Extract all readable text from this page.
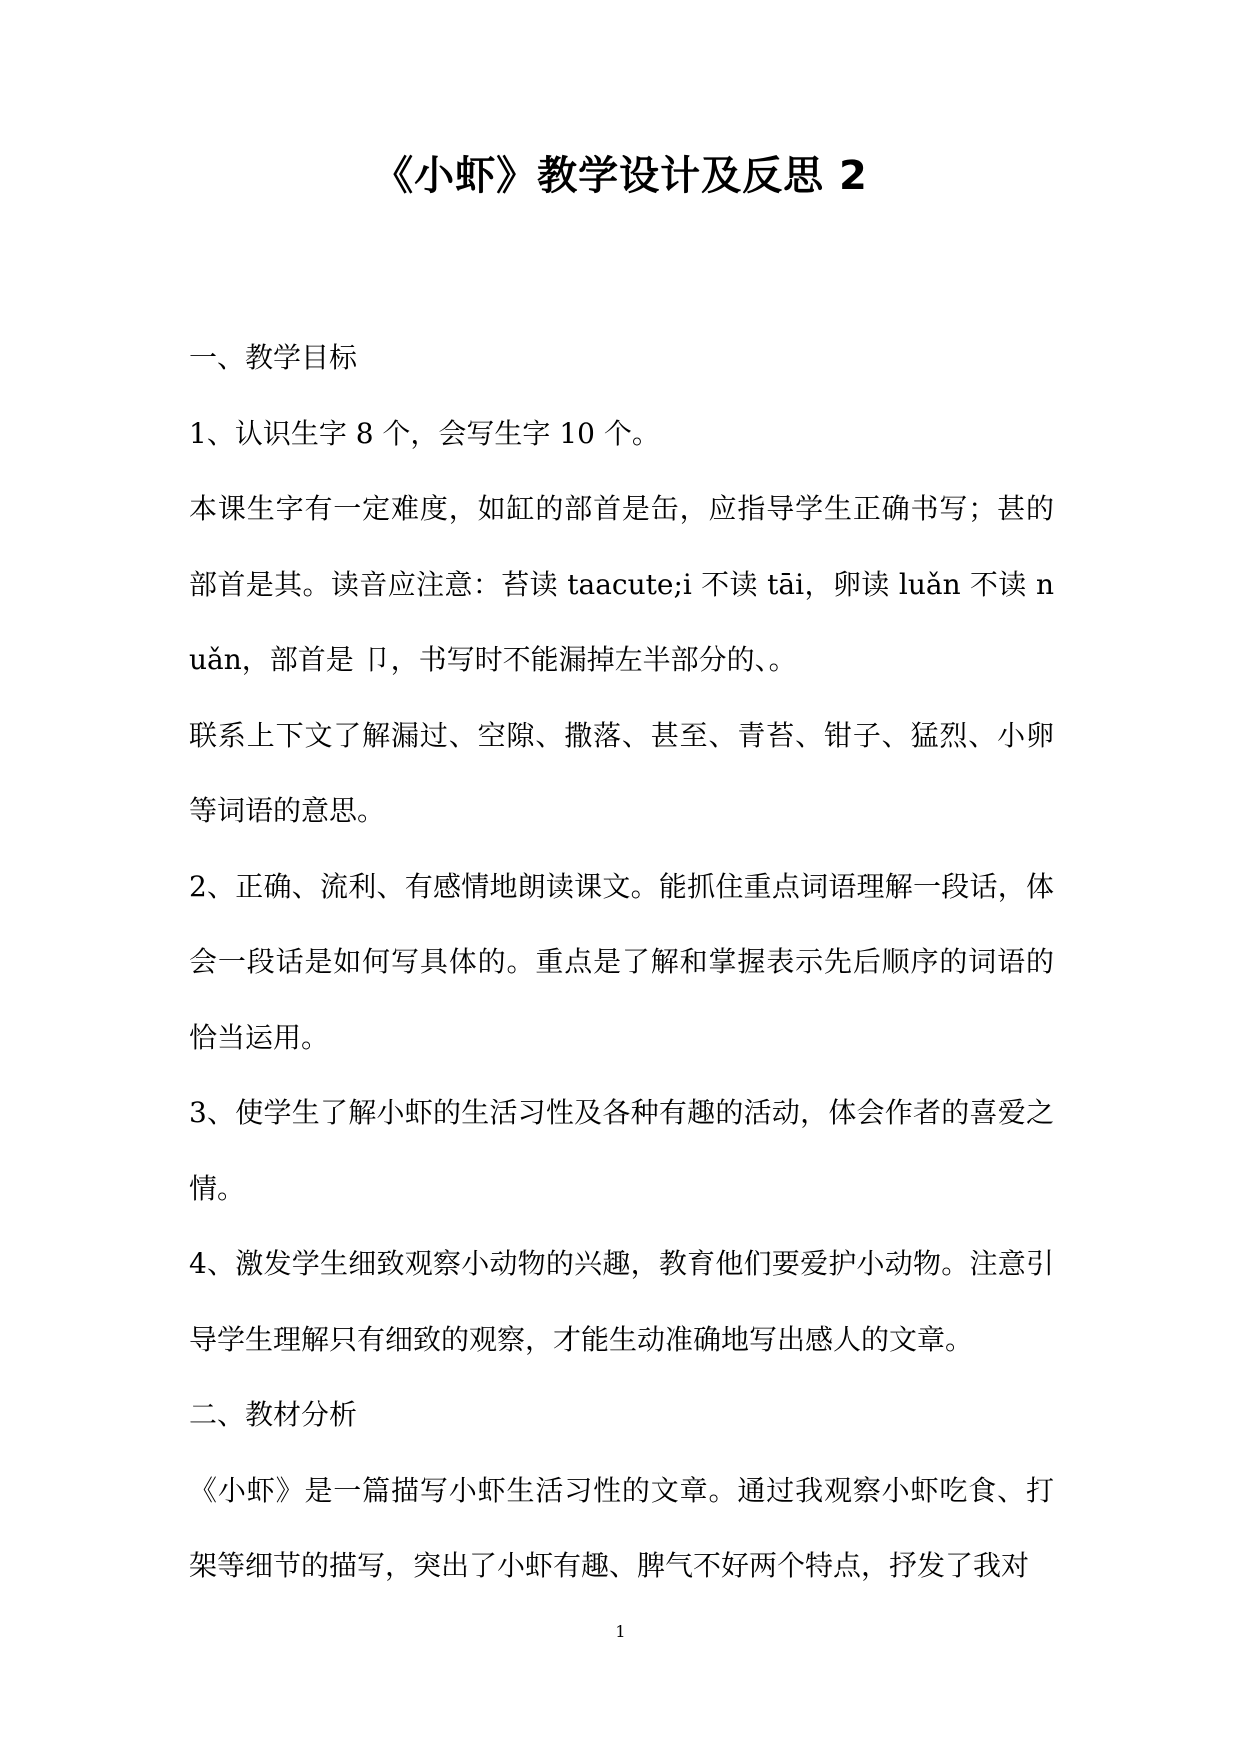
《小虾》教学设计及反思 2

一、教学目标

1、认识生字 8 个，会写生字 10 个。

本课生字有一定难度，如缸的部首是缶，应指导学生正确书写；甚的部首是其。读音应注意：苔读 taacute;i 不读 tāi，卵读 luǎn 不读 nuǎn，部首是 卩，书写时不能漏掉左半部分的、。

联系上下文了解漏过、空隙、撒落、甚至、青苔、钳子、猛烈、小卵等词语的意思。

2、正确、流利、有感情地朗读课文。能抓住重点词语理解一段话，体会一段话是如何写具体的。重点是了解和掌握表示先后顺序的词语的恰当运用。

3、使学生了解小虾的生活习性及各种有趣的活动，体会作者的喜爱之情。

4、激发学生细致观察小动物的兴趣，教育他们要爱护小动物。注意引导学生理解只有细致的观察，才能生动准确地写出感人的文章。

二、教材分析

《小虾》是一篇描写小虾生活习性的文章。通过我观察小虾吃食、打架等细节的描写，突出了小虾有趣、脾气不好两个特点，抒发了我对

1
